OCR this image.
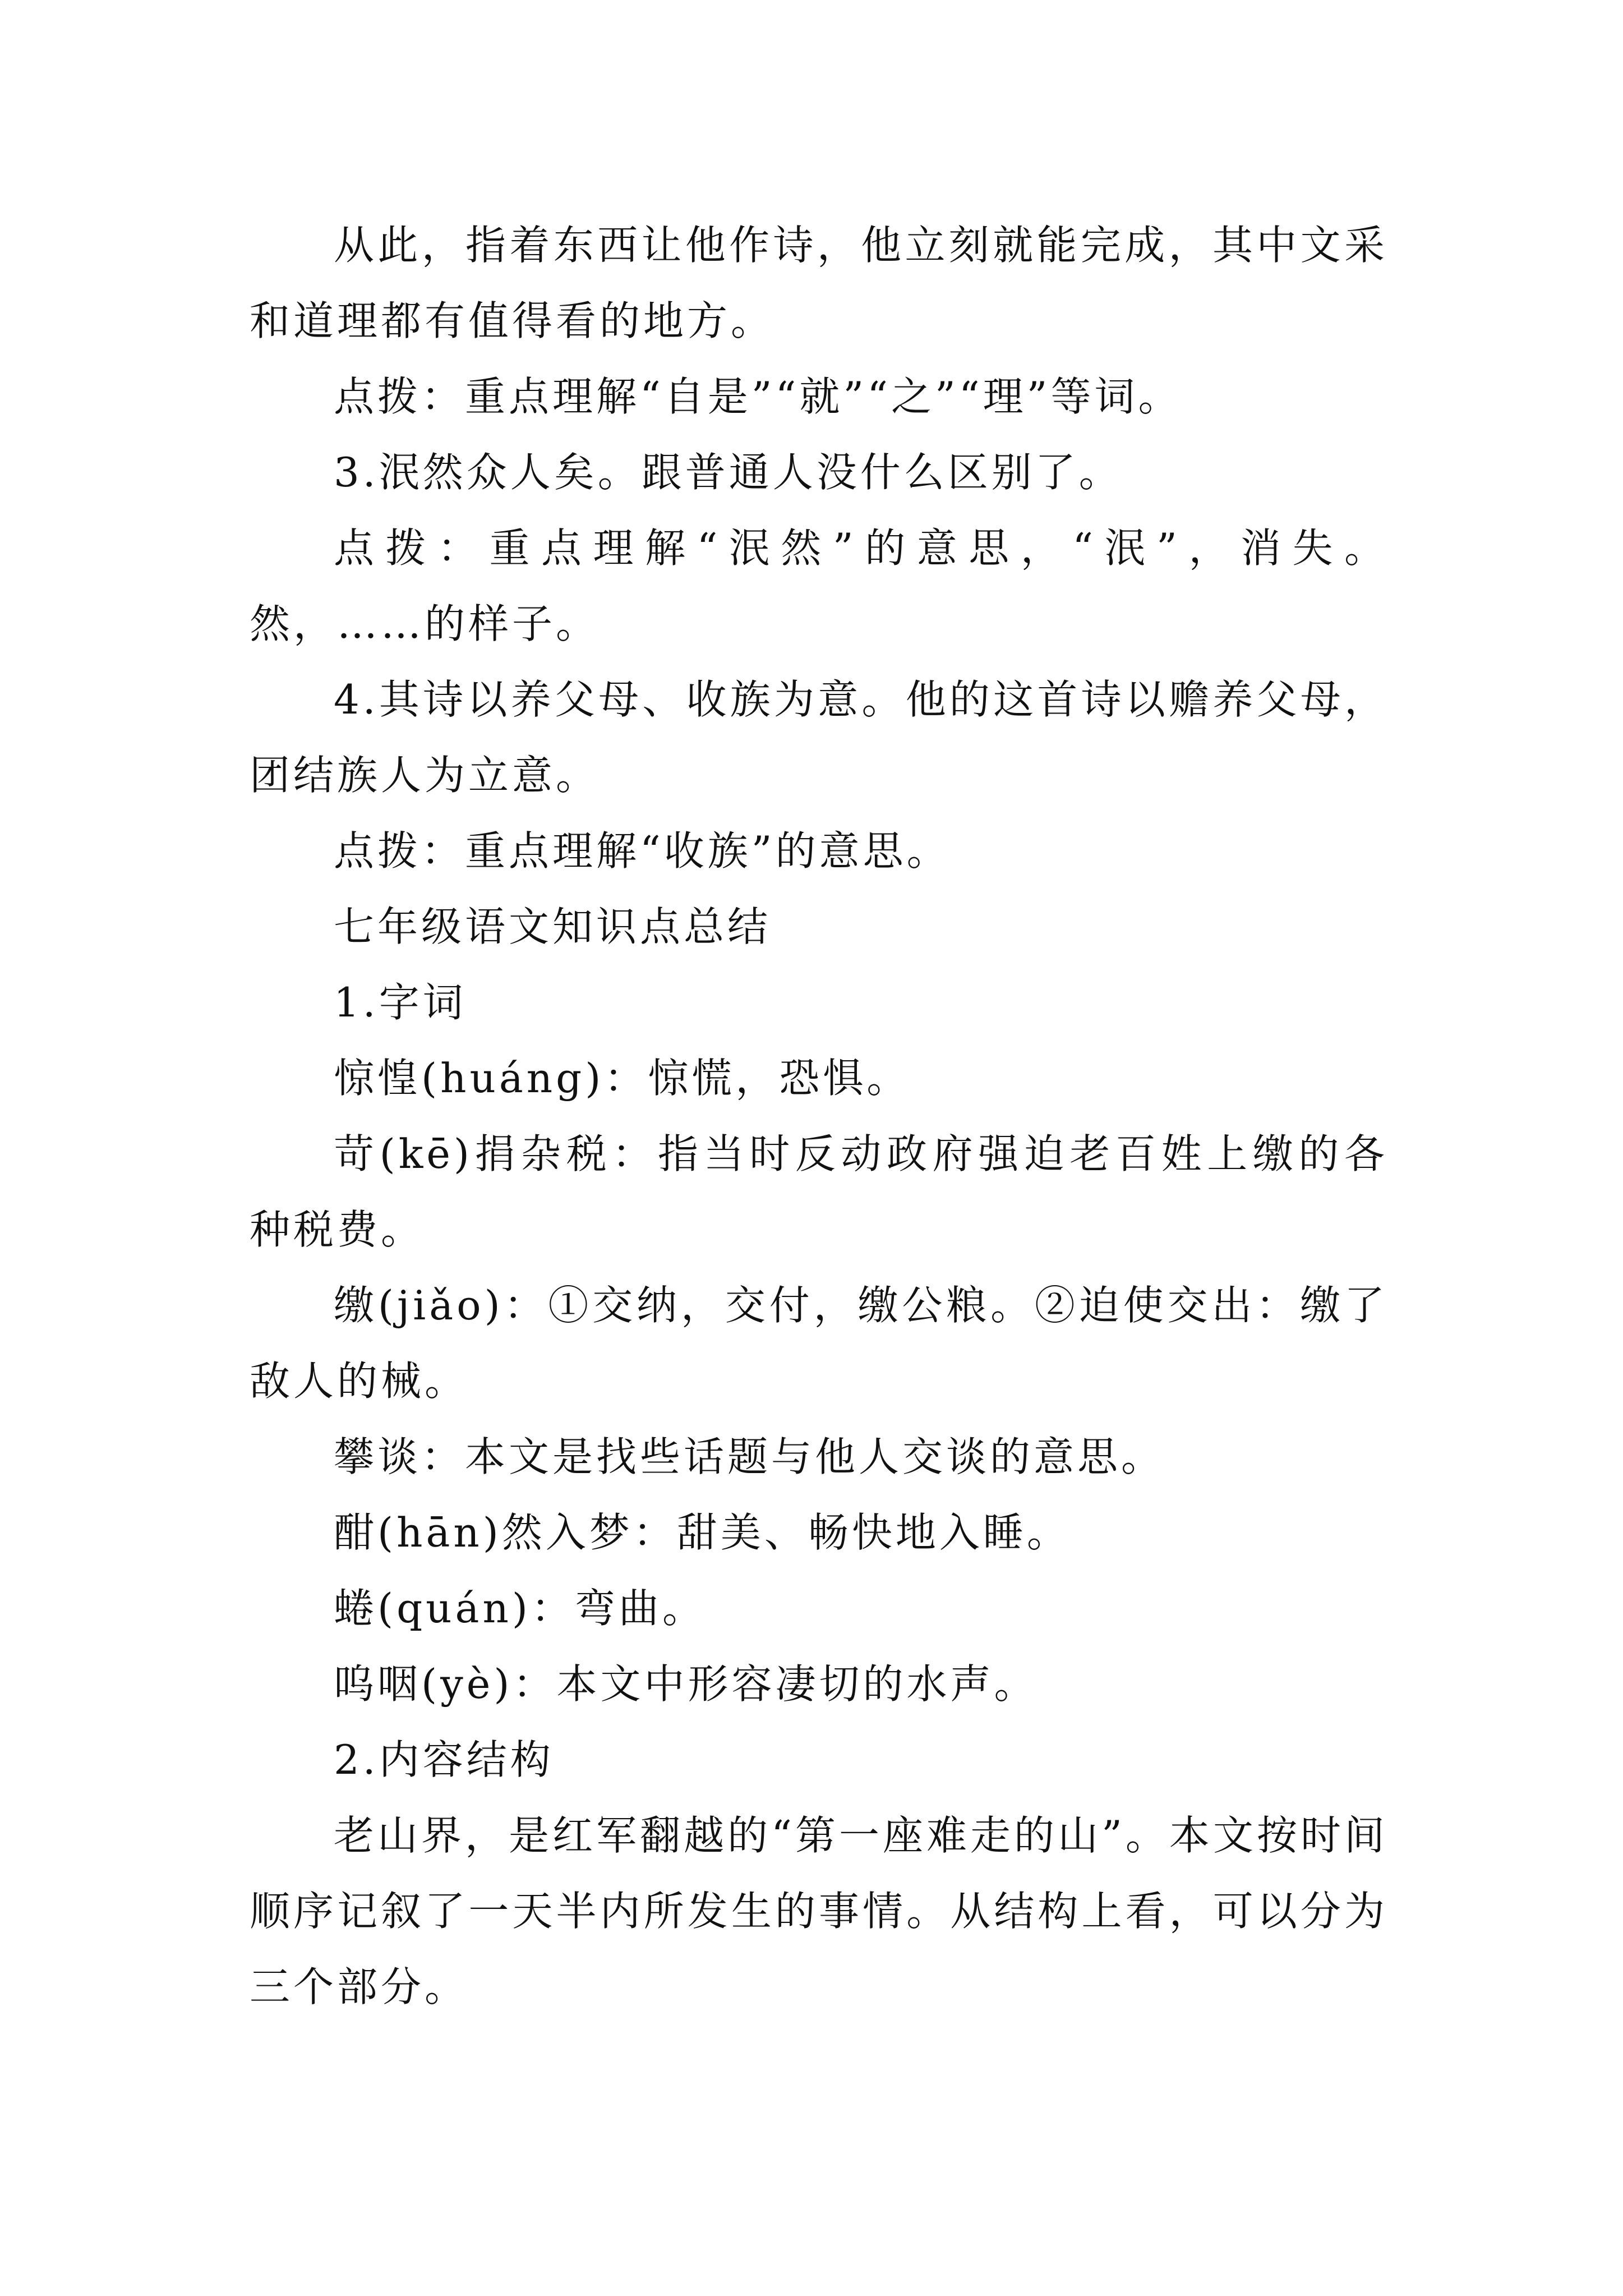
从此，指着东西让他作诗，他立刻就能完成，其中文采和道理都有值得看的地方。

点拨：重点理解“自是”“就”“之”“理”等词。

3.泯然众人矣。跟普通人没什么区别了。

点拨：重点理解“泯然”的意思，“泯”，消失。然，……的样子。

4.其诗以养父母、收族为意。他的这首诗以赡养父母，团结族人为立意。

点拨：重点理解“收族”的意思。

七年级语文知识点总结

1.字词

惊惶(huáng)：惊慌，恐惧。

苛(kē)捐杂税：指当时反动政府强迫老百姓上缴的各种税费。

缴(jiǎo)：①交纳，交付，缴公粮。②迫使交出：缴了敌人的械。

攀谈：本文是找些话题与他人交谈的意思。

酣(hān)然入梦：甜美、畅快地入睡。

蜷(quán)：弯曲。

呜咽(yè)：本文中形容凄切的水声。

2.内容结构

老山界，是红军翻越的“第一座难走的山”。本文按时间顺序记叙了一天半内所发生的事情。从结构上看，可以分为三个部分。
